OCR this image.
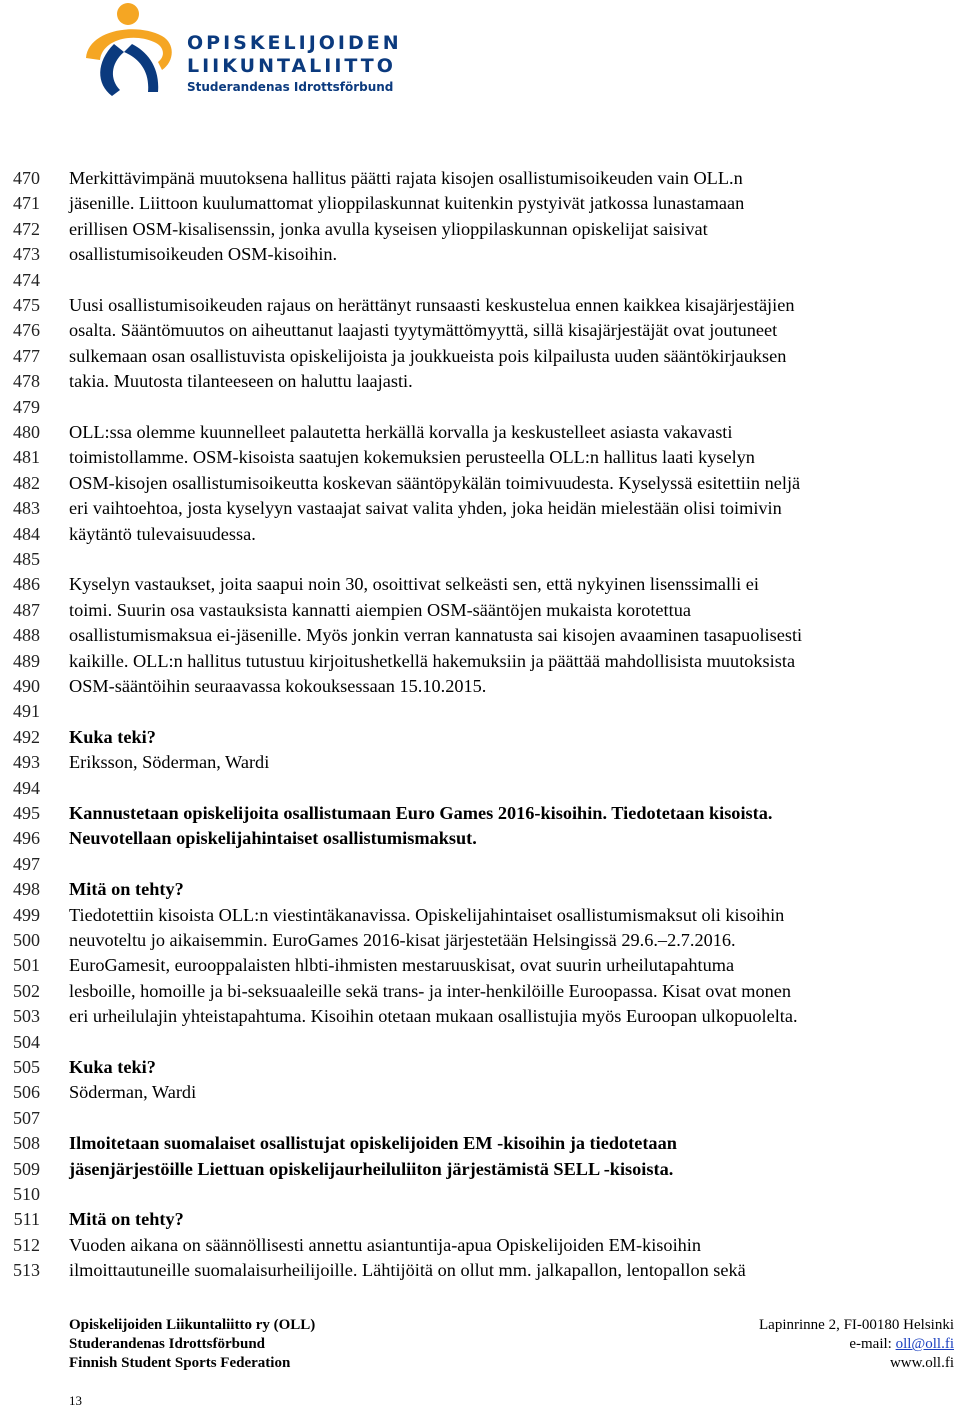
OPISKELIJOIDEN
LIIKUNTALIITTO
Studerandenas Idrottsförbund
470
471
472
473
474
475
476
477
478
479
480
481
482
483
484
485
486
487
488
489
490
491
492
493
494
495
496
497
498
499
500
501
502
503
504
505
506
507
508
509
510
511
512
513
Merkittävimpänä muutoksena hallitus päätti rajata kisojen osallistumisoikeuden vain OLL.n
jäsenille. Liittoon kuulumattomat ylioppilaskunnat kuitenkin pystyivät jatkossa lunastamaan
erillisen OSM-kisalisenssin, jonka avulla kyseisen ylioppilaskunnan opiskelijat saisivat
osallistumisoikeuden OSM-kisoihin.
Uusi osallistumisoikeuden rajaus on herättänyt runsaasti keskustelua ennen kaikkea kisajärjestäjien
osalta. Sääntömuutos on aiheuttanut laajasti tyytymättömyyttä, sillä kisajärjestäjät ovat joutuneet
sulkemaan osan osallistuvista opiskelijoista ja joukkueista pois kilpailusta uuden sääntökirjauksen
takia. Muutosta tilanteeseen on haluttu laajasti.
OLL:ssa olemme kuunnelleet palautetta herkällä korvalla ja keskustelleet asiasta vakavasti
toimistollamme. OSM-kisoista saatujen kokemuksien perusteella OLL:n hallitus laati kyselyn
OSM-kisojen osallistumisoikeutta koskevan sääntöpykälän toimivuudesta. Kyselyssä esitettiin neljä
eri vaihtoehtoa, josta kyselyyn vastaajat saivat valita yhden, joka heidän mielestään olisi toimivin
käytäntö tulevaisuudessa.
Kyselyn vastaukset, joita saapui noin 30, osoittivat selkeästi sen, että nykyinen lisenssimalli ei
toimi. Suurin osa vastauksista kannatti aiempien OSM-sääntöjen mukaista korotettua
osallistumismaksua ei-jäsenille. Myös jonkin verran kannatusta sai kisojen avaaminen tasapuolisesti
kaikille. OLL:n hallitus tutustuu kirjoitushetkellä hakemuksiin ja päättää mahdollisista muutoksista
OSM-sääntöihin seuraavassa kokouksessaan 15.10.2015.
Kuka teki?
Eriksson, Söderman, Wardi
Kannustetaan opiskelijoita osallistumaan Euro Games 2016-kisoihin. Tiedotetaan kisoista.
Neuvotellaan opiskelijahintaiset osallistumismaksut.
Mitä on tehty?
Tiedotettiin kisoista OLL:n viestintäkanavissa. Opiskelijahintaiset osallistumismaksut oli kisoihin
neuvoteltu jo aikaisemmin. EuroGames 2016-kisat järjestetään Helsingissä 29.6.–2.7.2016.
EuroGamesit, eurooppalaisten hlbti-ihmisten mestaruuskisat, ovat suurin urheilutapahtuma
lesboille, homoille ja bi-seksuaaleille sekä trans- ja inter-henkilöille Euroopassa. Kisat ovat monen
eri urheilulajin yhteistapahtuma. Kisoihin otetaan mukaan osallistujia myös Euroopan ulkopuolelta.
Kuka teki?
Söderman, Wardi
Ilmoitetaan suomalaiset osallistujat opiskelijoiden EM -kisoihin ja tiedotetaan
jäsenjärjestöille Liettuan opiskelijaurheiluliiton järjestämistä SELL -kisoista.
Mitä on tehty?
Vuoden aikana on säännöllisesti annettu asiantuntija-apua Opiskelijoiden EM-kisoihin
ilmoittautuneille suomalaisurheilijoille. Lähtijöitä on ollut mm. jalkapallon, lentopallon sekä
Opiskelijoiden Liikuntaliitto ry (OLL)
Studerandenas Idrottsförbund
Finnish Student Sports Federation
Lapinrinne 2, FI-00180 Helsinki
e-mail: oll@oll.fi
www.oll.fi
13
